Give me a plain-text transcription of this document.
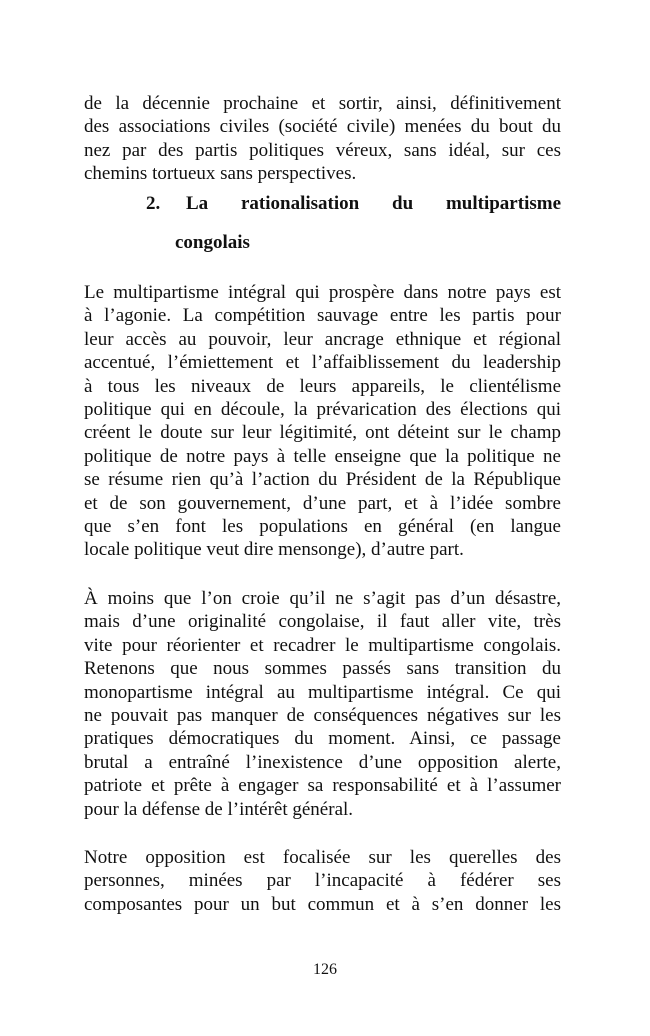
de la décennie prochaine et sortir, ainsi, définitivement
des associations civiles (société civile) menées du bout du
nez par des partis politiques véreux, sans idéal, sur ces
chemins tortueux sans perspectives.
2. La rationalisation du multipartisme
congolais
Le multipartisme intégral qui prospère dans notre pays est
à l’agonie. La compétition sauvage entre les partis pour
leur accès au pouvoir, leur ancrage ethnique et régional
accentué, l’émiettement et l’affaiblissement du leadership
à tous les niveaux de leurs appareils, le clientélisme
politique qui en découle, la prévarication des élections qui
créent le doute sur leur légitimité, ont déteint sur le champ
politique de notre pays à telle enseigne que la politique ne
se résume rien qu’à l’action du Président de la République
et de son gouvernement, d’une part, et à l’idée sombre
que s’en font les populations en général (en langue
locale politique veut dire mensonge), d’autre part.
À moins que l’on croie qu’il ne s’agit pas d’un désastre,
mais d’une originalité congolaise, il faut aller vite, très
vite pour réorienter et recadrer le multipartisme congolais.
Retenons que nous sommes passés sans transition du
monopartisme intégral au multipartisme intégral. Ce qui
ne pouvait pas manquer de conséquences négatives sur les
pratiques démocratiques du moment. Ainsi, ce passage
brutal a entraîné l’inexistence d’une opposition alerte,
patriote et prête à engager sa responsabilité et à l’assumer
pour la défense de l’intérêt général.
Notre opposition est focalisée sur les querelles des
personnes, minées par l’incapacité à fédérer ses
composantes pour un but commun et à s’en donner les
126
